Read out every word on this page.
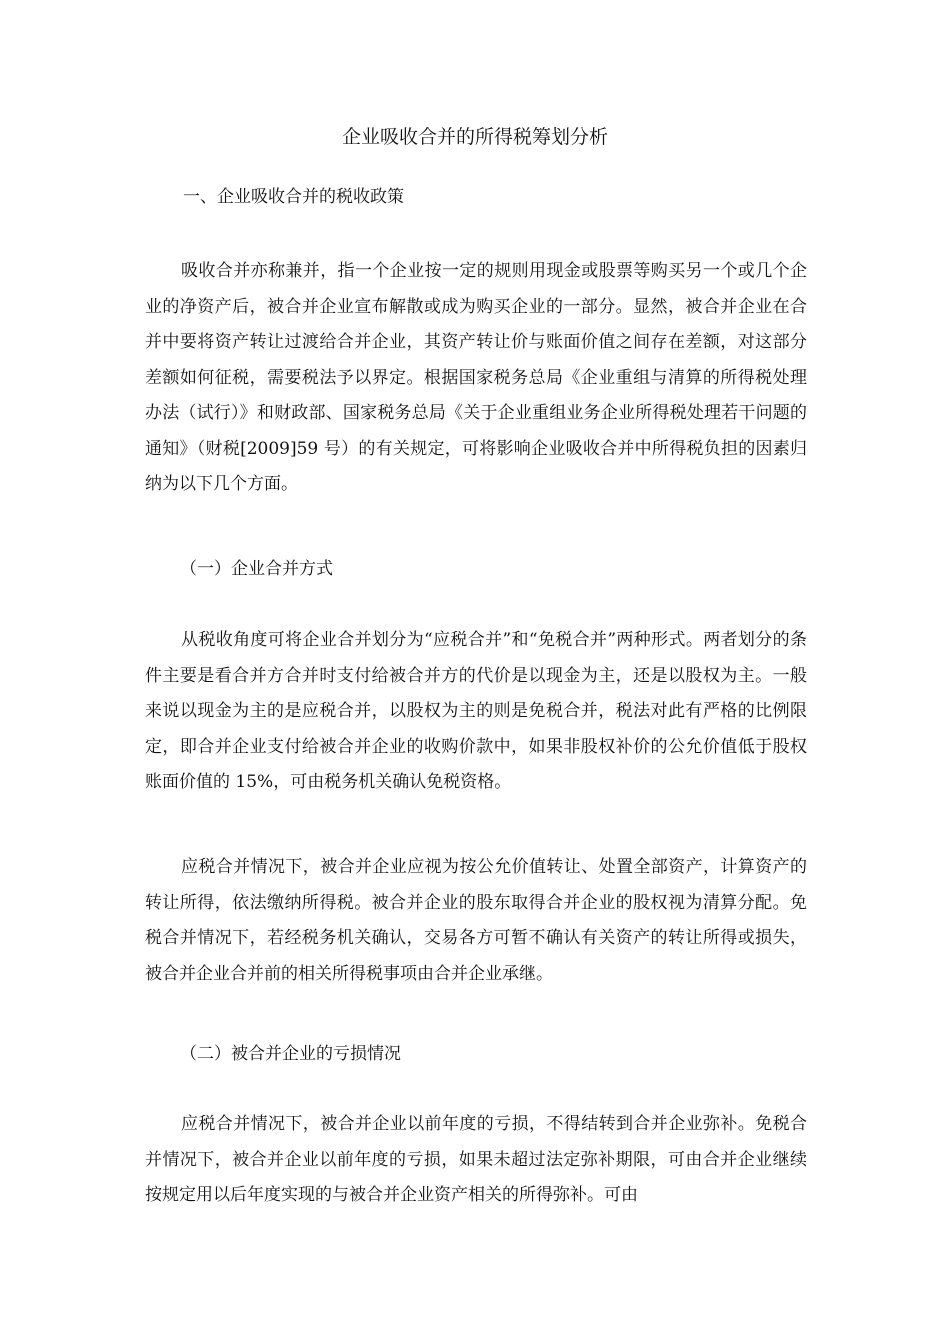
企业吸收合并的所得税筹划分析
一、企业吸收合并的税收政策

吸收合并亦称兼并，指一个企业按一定的规则用现金或股票等购买另一个或几个企业的净资产后，被合并企业宣布解散或成为购买企业的一部分。显然，被合并企业在合并中要将资产转让过渡给合并企业，其资产转让价与账面价值之间存在差额，对这部分差额如何征税，需要税法予以界定。根据国家税务总局《企业重组与清算的所得税处理办法（试行）》和财政部、国家税务总局《关于企业重组业务企业所得税处理若干问题的通知》（财税[2009]59 号）的有关规定，可将影响企业吸收合并中所得税负担的因素归纳为以下几个方面。

（一）企业合并方式

从税收角度可将企业合并划分为“应税合并”和“免税合并”两种形式。两者划分的条件主要是看合并方合并时支付给被合并方的代价是以现金为主，还是以股权为主。一般来说以现金为主的是应税合并，以股权为主的则是免税合并，税法对此有严格的比例限定，即合并企业支付给被合并企业的收购价款中，如果非股权补价的公允价值低于股权账面价值的 15%，可由税务机关确认免税资格。

应税合并情况下，被合并企业应视为按公允价值转让、处置全部资产，计算资产的转让所得，依法缴纳所得税。被合并企业的股东取得合并企业的股权视为清算分配。免税合并情况下，若经税务机关确认，交易各方可暂不确认有关资产的转让所得或损失，被合并企业合并前的相关所得税事项由合并企业承继。

（二）被合并企业的亏损情况

应税合并情况下，被合并企业以前年度的亏损，不得结转到合并企业弥补。免税合并情况下，被合并企业以前年度的亏损，如果未超过法定弥补期限，可由合并企业继续按规定用以后年度实现的与被合并企业资产相关的所得弥补。可由
